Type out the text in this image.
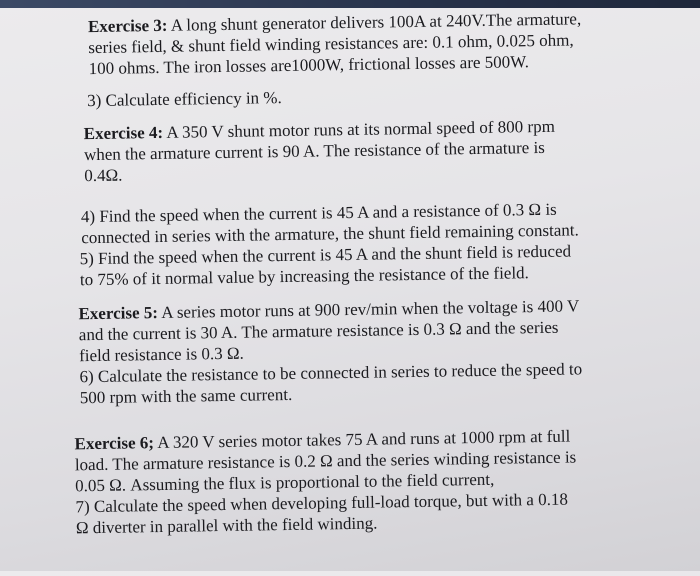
Exercise 3: A long shunt generator delivers 100A at 240V.The armature,
series field, & shunt field winding resistances are: 0.1 ohm, 0.025 ohm,
100 ohms. The iron losses are1000W, frictional losses are 500W.
3) Calculate efficiency in %.
Exercise 4: A 350 V shunt motor runs at its normal speed of 800 rpm
when the armature current is 90 A. The resistance of the armature is
0.4Ω.
4) Find the speed when the current is 45 A and a resistance of 0.3 Ω is
connected in series with the armature, the shunt field remaining constant.
5) Find the speed when the current is 45 A and the shunt field is reduced
to 75% of it normal value by increasing the resistance of the field.
Exercise 5: A series motor runs at 900 rev/min when the voltage is 400 V
and the current is 30 A. The armature resistance is 0.3 Ω and the series
field resistance is 0.3 Ω.
6) Calculate the resistance to be connected in series to reduce the speed to
500 rpm with the same current.
Exercise 6; A 320 V series motor takes 75 A and runs at 1000 rpm at full
load. The armature resistance is 0.2 Ω and the series winding resistance is
0.05 Ω. Assuming the flux is proportional to the field current,
7) Calculate the speed when developing full-load torque, but with a 0.18
Ω diverter in parallel with the field winding.
